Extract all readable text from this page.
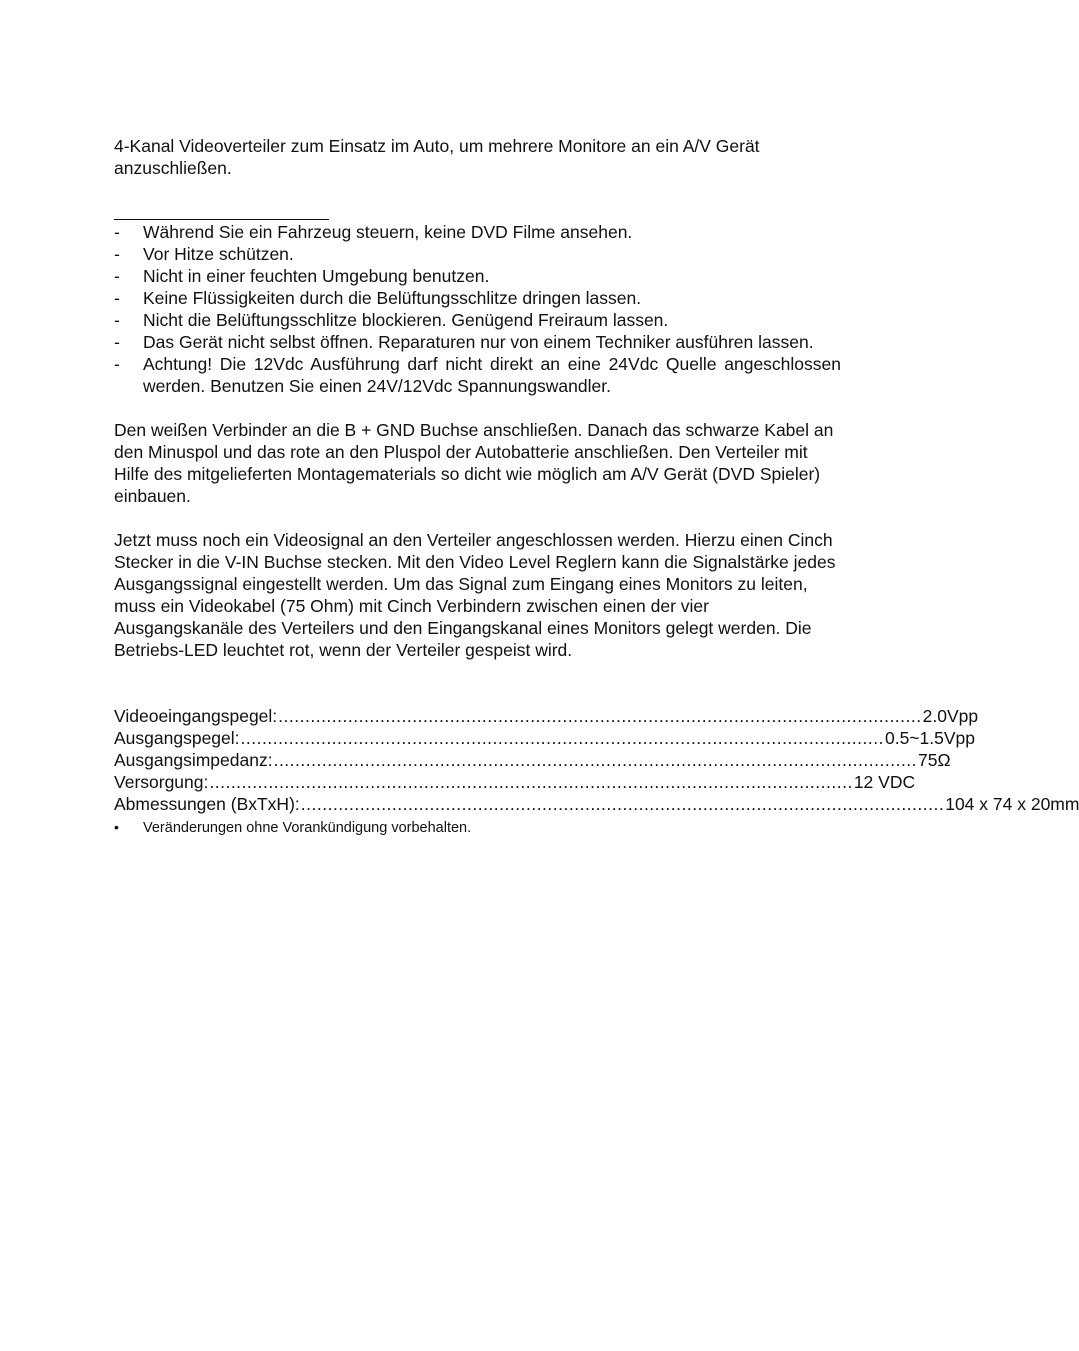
4-Kanal Videoverteiler zum Einsatz im Auto, um mehrere Monitore an ein A/V Gerät anzuschließen.

- Während Sie ein Fahrzeug steuern, keine DVD Filme ansehen.
- Vor Hitze schützen.
- Nicht in einer feuchten Umgebung benutzen.
- Keine Flüssigkeiten durch die Belüftungsschlitze dringen lassen.
- Nicht die Belüftungsschlitze blockieren. Genügend Freiraum lassen.
- Das Gerät nicht selbst öffnen. Reparaturen nur von einem Techniker ausführen lassen.
- Achtung! Die 12Vdc Ausführung darf nicht direkt an eine 24Vdc Quelle angeschlossen werden. Benutzen Sie einen 24V/12Vdc Spannungswandler.

Den weißen Verbinder an die B + GND Buchse anschließen. Danach das schwarze Kabel an den Minuspol und das rote an den Pluspol der Autobatterie anschließen. Den Verteiler mit Hilfe des mitgelieferten Montagematerials so dicht wie möglich am A/V Gerät (DVD Spieler) einbauen.

Jetzt muss noch ein Videosignal an den Verteiler angeschlossen werden. Hierzu einen Cinch Stecker in die V-IN Buchse stecken. Mit den Video Level Reglern kann die Signalstärke jedes Ausgangssignal eingestellt werden. Um das Signal zum Eingang eines Monitors zu leiten, muss ein Videokabel (75 Ohm) mit Cinch Verbindern zwischen einen der vier Ausgangskanäle des Verteilers und den Eingangskanal eines Monitors gelegt werden. Die Betriebs-LED leuchtet rot, wenn der Verteiler gespeist wird.

Videoeingangspegel: ........................................................................................................................ 2.0Vpp
Ausgangspegel: ........................................................................................................................ 0.5~1.5Vpp
Ausgangsimpedanz: ........................................................................................................................ 75Ω
Versorgung: ........................................................................................................................ 12 VDC
Abmessungen (BxTxH): ........................................................................................................................ 104 x 74 x 20mm
•	Veränderungen ohne Vorankündigung vorbehalten.
